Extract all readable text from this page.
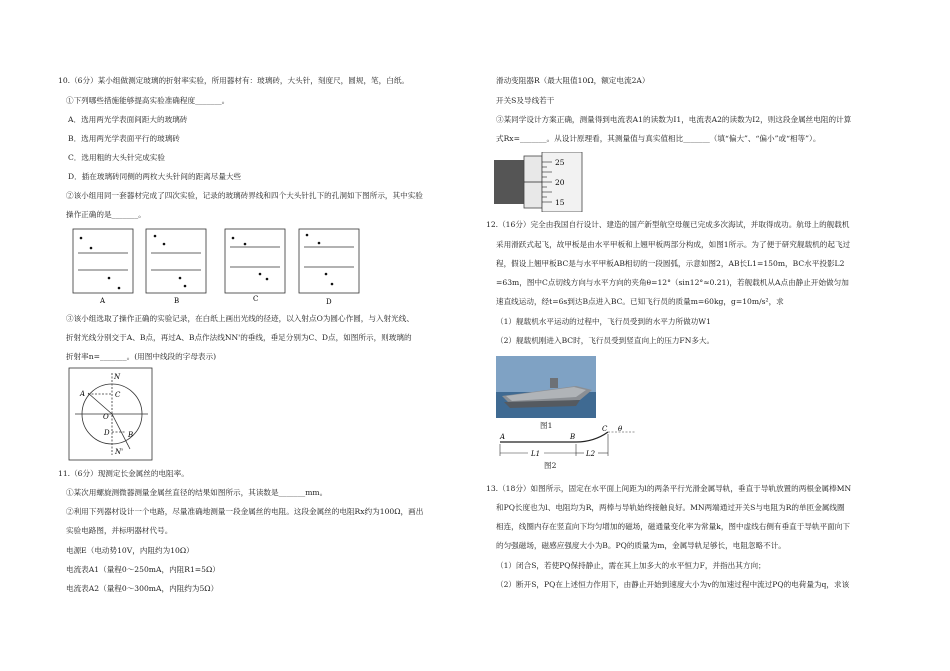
10.（6分）某小组做测定玻璃的折射率实验，所用器材有：玻璃砖，大头针，刻度尺，圆规，笔，白纸。
①下列哪些措施能够提高实验准确程度_______。
A．选用两光学表面间距大的玻璃砖
B．选用两光学表面平行的玻璃砖
C．选用粗的大头针完成实验
D．插在玻璃砖同侧的两枚大头针间的距离尽量大些
②该小组用同一套器材完成了四次实验，记录的玻璃砖界线和四个大头针扎下的孔洞如下图所示，其中实验
操作正确的是_______。
A	B	C	D
③该小组选取了操作正确的实验记录，在白纸上画出光线的径迹，以入射点O为圆心作圆，与入射光线、
折射光线分别交于A、B点，再过A、B点作法线NN'的垂线，垂足分别为C、D点，如图所示，则玻璃的
折射率n=_______。(用图中线段的字母表示)
N
A	C
O
D	B
N'
11.（6分）现测定长金属丝的电阻率。
①某次用螺旋测微器测量金属丝直径的结果如图所示，其读数是_______mm。
②利用下列器材设计一个电路，尽量准确地测量一段金属丝的电阻。这段金属丝的电阻Rx约为100Ω，画出
实验电路图，并标明器材代号。
电源E（电动势10V，内阻约为10Ω）
电流表A1（量程0～250mA，内阻R1=5Ω）
电流表A2（量程0～300mA，内阻约为5Ω）
滑动变阻器R（最大阻值10Ω，额定电流2A）
开关S及导线若干
③某同学设计方案正确，测量得到电流表A1的读数为I1，电流表A2的读数为I2，则这段金属丝电阻的计算
式Rx=_______。从设计原理看，其测量值与真实值相比_______（填“偏大”、“偏小”或“相等”）。
25
20
15
12.（16分）完全由我国自行设计、建造的国产新型航空母舰已完成多次海试，并取得成功。航母上的舰载机
采用滑跃式起飞，故甲板是由水平甲板和上翘甲板两部分构成，如图1所示。为了便于研究舰载机的起飞过
程，假设上翘甲板BC是与水平甲板AB相切的一段圆弧，示意如图2，AB长L1=150m，BC水平投影L2
=63m，图中C点切线方向与水平方向的夹角θ=12°（sin12°≈0.21)，若舰载机从A点由静止开始做匀加
速直线运动，经t=6s到达B点进入BC。已知飞行员的质量m=60kg，g=10m/s²，求
（1）舰载机水平运动的过程中，飞行员受到的水平力所做功W1
（2）舰载机刚进入BC时，飞行员受到竖直向上的压力FN多大。
图1
A	B
C θ
L1	L2
图2
13.（18分）如图所示，固定在水平面上间距为l的两条平行光滑金属导轨，垂直于导轨放置的两根金属棒MN
和PQ长度也为l、电阻均为R，两棒与导轨始终接触良好。MN两端通过开关S与电阻为R的单匝金属线圈
相连，线圈内存在竖直向下均匀增加的磁场，磁通量变化率为常量k，图中虚线右侧有垂直于导轨平面向下
的匀强磁场，磁感应强度大小为B。PQ的质量为m，金属导轨足够长，电阻忽略不计。
（1）闭合S，若使PQ保持静止，需在其上加多大的水平恒力F，并指出其方向；
（2）断开S，PQ在上述恒力作用下，由静止开始到速度大小为v的加速过程中流过PQ的电荷量为q，求该
